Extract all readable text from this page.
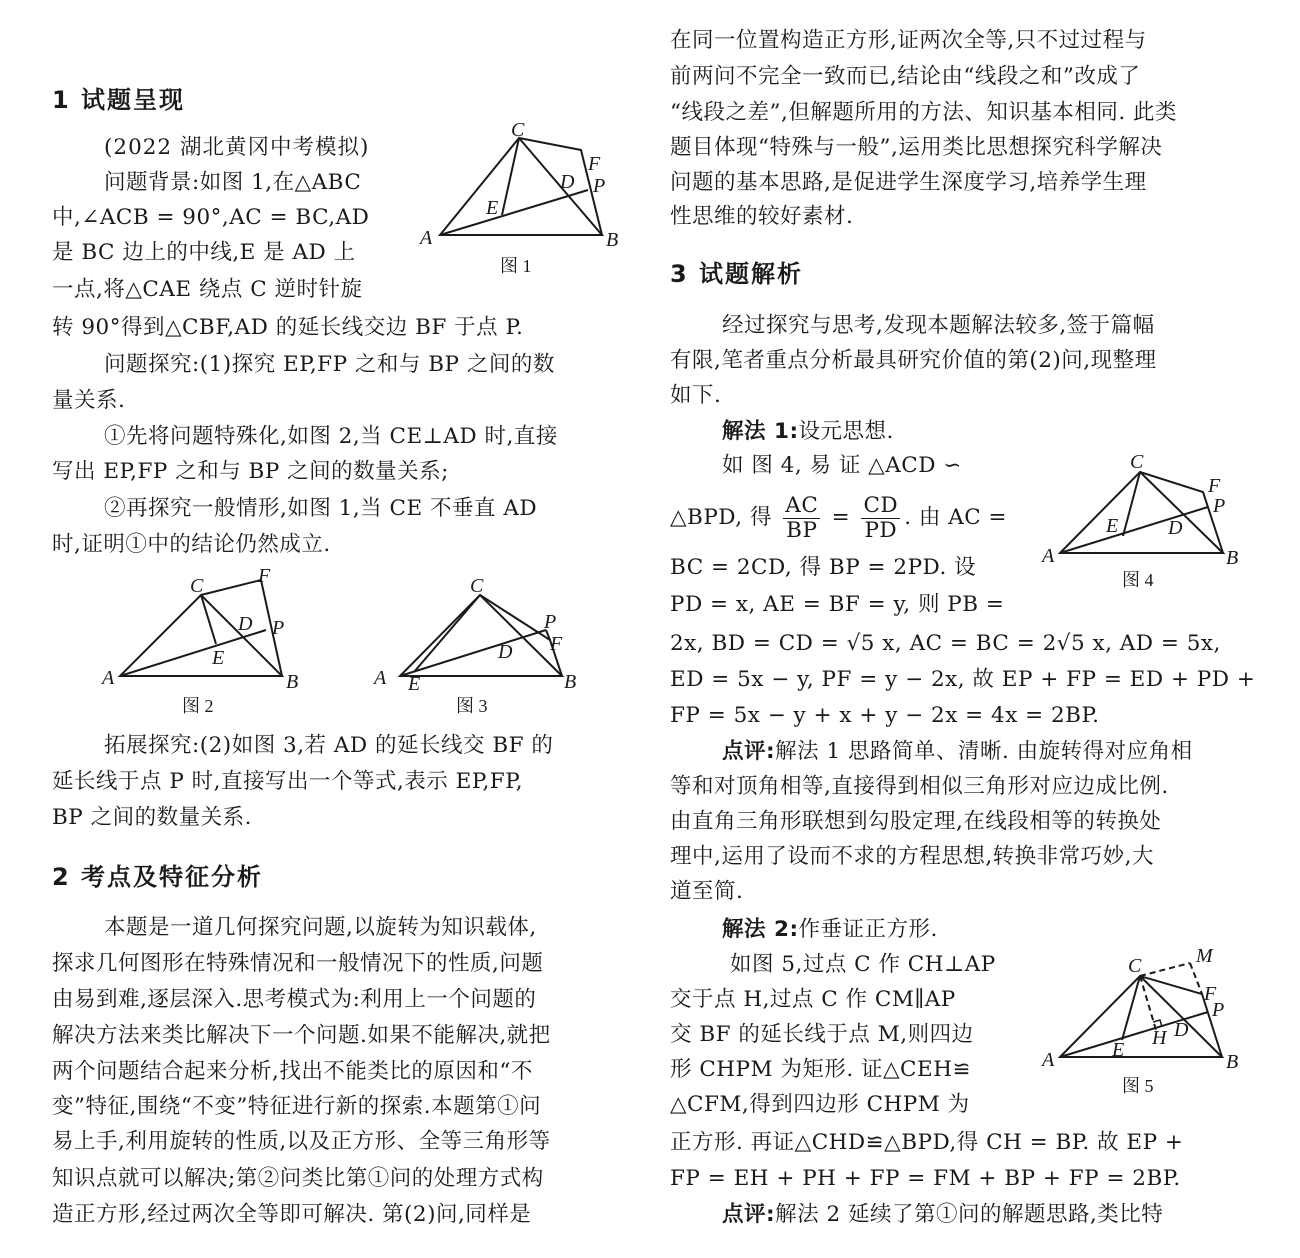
1 试题呈现
(2022 湖北黄冈中考模拟)
问题背景:如图 1,在△ABC
中,∠ACB = 90°,AC = BC,AD
是 BC 边上的中线,E 是 AD 上
一点,将△CAE 绕点 C 逆时针旋
转 90°得到△CBF,AD 的延长线交边 BF 于点 P.
问题探究:(1)探究 EP,FP 之和与 BP 之间的数
量关系.
①先将问题特殊化,如图 2,当 CE⊥AD 时,直接
写出 EP,FP 之和与 BP 之间的数量关系;
②再探究一般情形,如图 1,当 CE 不垂直 AD
时,证明①中的结论仍然成立.
A	B
C
D
E
F
P
图 1
A	B
C
D
E
F
P
图 2
A	B
C
D
E
F
P
图 3
拓展探究:(2)如图 3,若 AD 的延长线交 BF 的
延长线于点 P 时,直接写出一个等式,表示 EP,FP,
BP 之间的数量关系.
2 考点及特征分析
本题是一道几何探究问题,以旋转为知识载体,
探求几何图形在特殊情况和一般情况下的性质,问题
由易到难,逐层深入.思考模式为:利用上一个问题的
解决方法来类比解决下一个问题.如果不能解决,就把
两个问题结合起来分析,找出不能类比的原因和“不
变”特征,围绕“不变”特征进行新的探索.本题第①问
易上手,利用旋转的性质,以及正方形、全等三角形等
知识点就可以解决;第②问类比第①问的处理方式构
造正方形,经过两次全等即可解决. 第(2)问,同样是
在同一位置构造正方形,证两次全等,只不过过程与
前两问不完全一致而已,结论由“线段之和”改成了
“线段之差”,但解题所用的方法、知识基本相同. 此类
题目体现“特殊与一般”,运用类比思想探究科学解决
问题的基本思路,是促进学生深度学习,培养学生理
性思维的较好素材.
3 试题解析
经过探究与思考,发现本题解法较多,签于篇幅
有限,笔者重点分析最具研究价值的第(2)问,现整理
如下.
解法 1:设元思想.
如 图 4, 易 证 △ACD ∽
△BPD, 得 $\frac{AC}{BP} = \frac{CD}{PD}$ . 由 AC =
BC = 2CD, 得 BP = 2PD. 设
PD = x, AE = BF = y, 则 PB =
2x, BD = CD = √5 x, AC = BC = 2√5 x, AD = 5x,
ED = 5x − y, PF = y − 2x, 故 EP + FP = ED + PD +
FP = 5x − y + x + y − 2x = 4x = 2BP.
A	B
C
D
E
F
P
图 4
点评:解法 1 思路简单、清晰. 由旋转得对应角相
等和对顶角相等,直接得到相似三角形对应边成比例.
由直角三角形联想到勾股定理,在线段相等的转换处
理中,运用了设而不求的方程思想,转换非常巧妙,大
道至简.
解法 2:作垂证正方形.
如图 5,过点 C 作 CH⊥AP
交于点 H,过点 C 作 CM∥AP
交 BF 的延长线于点 M,则四边
形 CHPM 为矩形. 证△CEH≌
△CFM,得到四边形 CHPM 为
正方形. 再证△CHD≌△BPD,得 CH = BP. 故 EP +
FP = EH + PH + FP = FM + BP + FP = 2BP.
A	B
C
D
E
F
P
H
M
图 5
点评:解法 2 延续了第①问的解题思路,类比特
